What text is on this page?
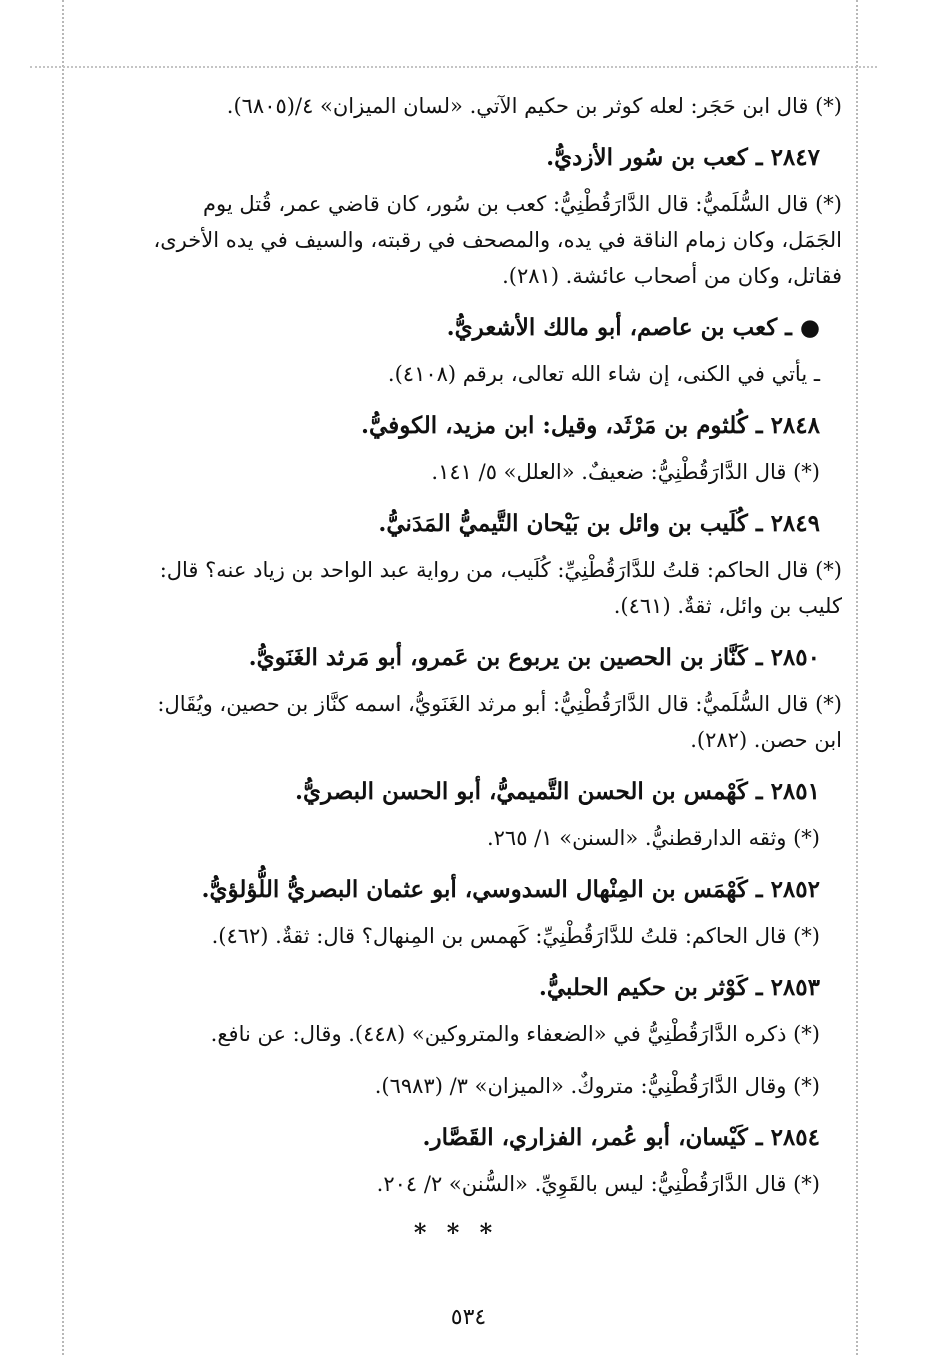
(*) قال ابن حَجَر: لعله كوثر بن حكيم الآتي. «لسان الميزان» ٤/(٦٨٠٥).
٢٨٤٧ ـ كعب بن سُور الأزديُّ.
(*) قال السُّلَميُّ: قال الدَّارَقُطْنِيُّ: كعب بن سُور، كان قاضي عمر، قُتل يوم
الجَمَل، وكان زمام الناقة في يده، والمصحف في رقبته، والسيف في يده الأخرى،
فقاتل، وكان من أصحاب عائشة. (٢٨١).
● ـ كعب بن عاصم، أبو مالك الأشعريُّ.
ـ يأتي في الكنى، إن شاء الله تعالى، برقم (٤١٠٨).
٢٨٤٨ ـ كُلثوم بن مَرْثَد، وقيل: ابن مزيد، الكوفيُّ.
(*) قال الدَّارَقُطْنِيُّ: ضعيفٌ. «العلل» ٥/ ١٤١.
٢٨٤٩ ـ كُلَيب بن وائل بن بَيْحان التَّيميُّ المَدَنيُّ.
(*) قال الحاكم: قلتُ للدَّارَقُطْنِيِّ: كُلَيب، من رواية عبد الواحد بن زياد عنه؟ قال:
كليب بن وائل، ثقةٌ. (٤٦١).
٢٨٥٠ ـ كَنَّاز بن الحصين بن يربوع بن عَمرو، أبو مَرثد الغَنَويُّ.
(*) قال السُّلَميُّ: قال الدَّارَقُطْنِيُّ: أبو مرثد الغَنَويُّ، اسمه كنَّاز بن حصين، ويُقَال:
ابن حصن. (٢٨٢).
٢٨٥١ ـ كَهْمس بن الحسن التَّميميُّ، أبو الحسن البصريُّ.
(*) وثقه الدارقطنيُّ. «السنن» ١/ ٢٦٥.
٢٨٥٢ ـ كَهْمَس بن المِنْهال السدوسي، أبو عثمان البصريُّ اللُّؤلؤيُّ.
(*) قال الحاكم: قلتُ للدَّارَقُطْنِيِّ: كَهمس بن المِنهال؟ قال: ثقةٌ. (٤٦٢).
٢٨٥٣ ـ كَوْثر بن حكيم الحلبيُّ.
(*) ذكره الدَّارَقُطْنِيُّ في «الضعفاء والمتروكين» (٤٤٨). وقال: عن نافع.
(*) وقال الدَّارَقُطْنِيُّ: متروكٌ. «الميزان» ٣/ (٦٩٨٣).
٢٨٥٤ ـ كَيْسان، أبو عُمر، الفزاري، القَصَّار.
(*) قال الدَّارَقُطْنِيُّ: ليس بالقَوِيِّ. «السُّنن» ٢/ ٢٠٤.
* * *
٥٣٤
